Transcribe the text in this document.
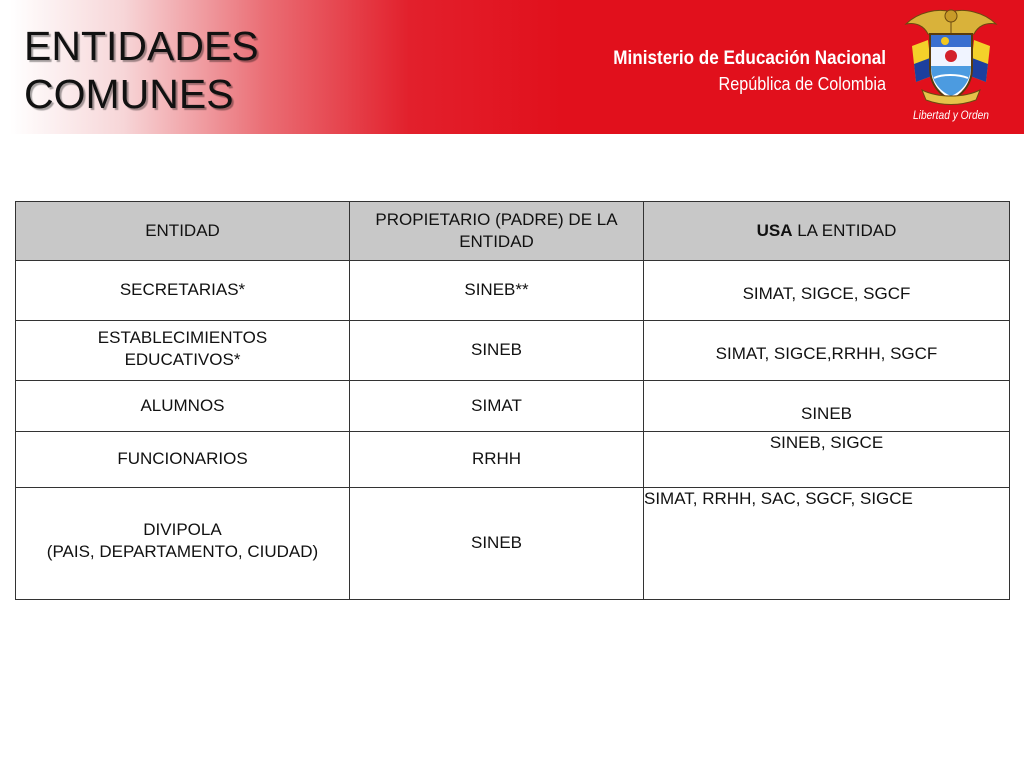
ENTIDADES
COMUNES
Ministerio de Educación Nacional
República de Colombia
Libertad y Orden
ENTIDAD	PROPIETARIO (PADRE) DE LA ENTIDAD	USA LA ENTIDAD
SECRETARIAS*	SINEB**	SIMAT, SIGCE, SGCF

ESTABLECIMIENTOS
EDUCATIVOS*	SINEB	SIMAT, SIGCE,RRHH, SGCF
ALUMNOS	SIMAT	SINEB
FUNCIONARIOS	RRHH	SINEB, SIGCE

DIVIPOLA
(PAIS, DEPARTAMENTO, CIUDAD)	SINEB	SIMAT, RRHH, SAC, SGCF, SIGCE
